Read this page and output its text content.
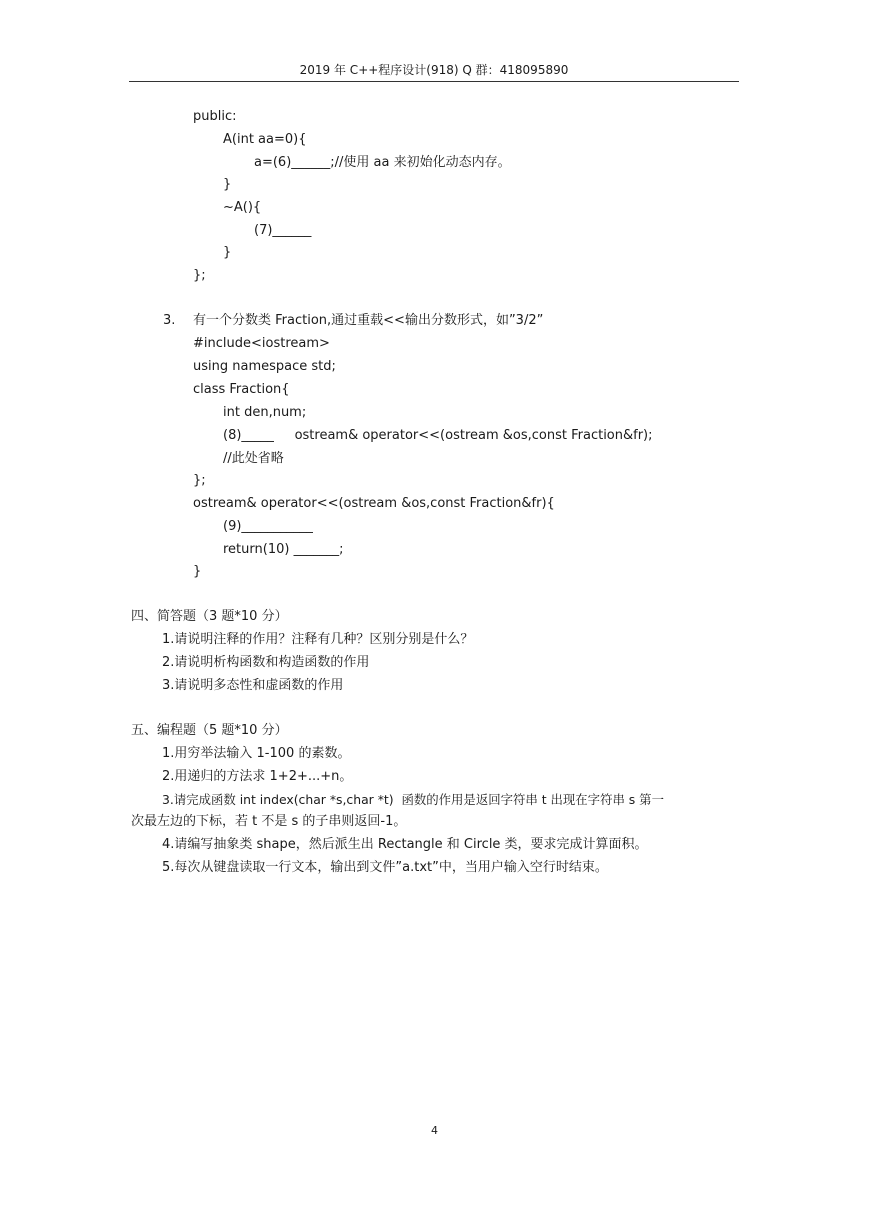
2019 年 C++程序设计(918) Q 群：418095890
public:
A(int aa=0){
a=(6)______;//使用 aa 来初始化动态内存。
}
~A(){
(7)______
}
};
3. 有一个分数类 Fraction,通过重载<<输出分数形式，如”3/2”
#include<iostream>
using namespace std;
class Fraction{
int den,num;
(8)_____     ostream& operator<<(ostream &os,const Fraction&fr);
//此处省略
};
ostream& operator<<(ostream &os,const Fraction&fr){
(9)___________
return(10) _______;
}
四、简答题（3 题*10 分）
1.请说明注释的作用？注释有几种？区别分别是什么？
2.请说明析构函数和构造函数的作用
3.请说明多态性和虚函数的作用
五、编程题（5 题*10 分）
1.用穷举法输入 1-100 的素数。
2.用递归的方法求 1+2+...+n。
3.请完成函数 int index(char *s,char *t)  函数的作用是返回字符串 t 出现在字符串 s 第一
次最左边的下标，若 t 不是 s 的子串则返回-1。
4.请编写抽象类 shape，然后派生出 Rectangle 和 Circle 类，要求完成计算面积。
5.每次从键盘读取一行文本，输出到文件”a.txt”中，当用户输入空行时结束。
4
